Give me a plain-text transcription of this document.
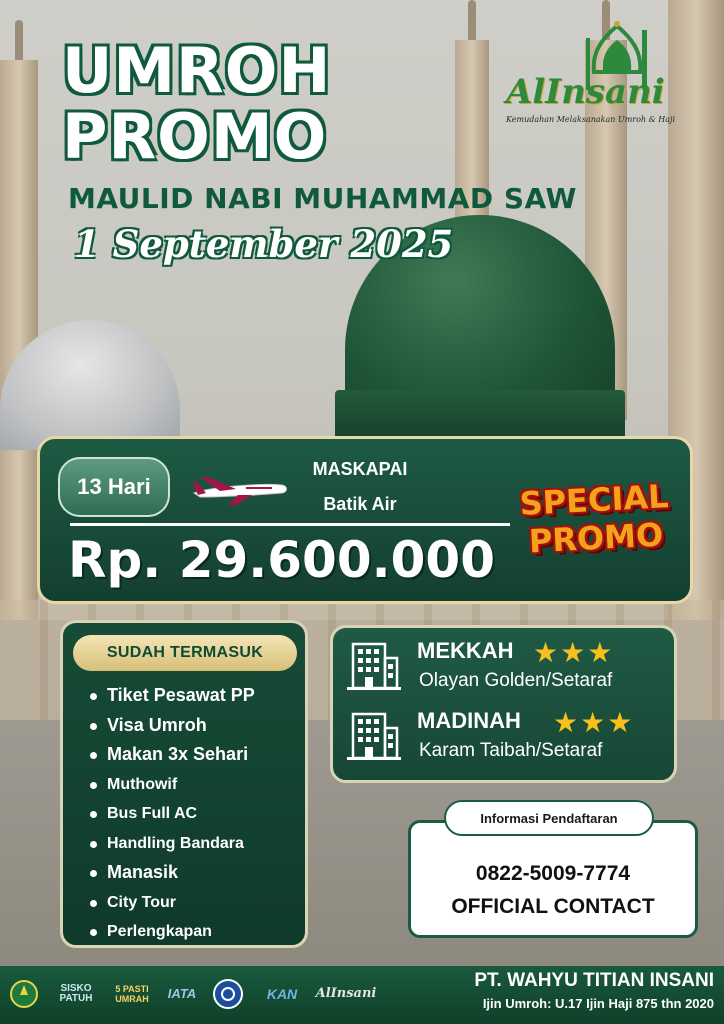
UMROH
PROMO
MAULID NABI MUHAMMAD SAW
1 September 2025
AlInsani
Kemudahan Melaksanakan Umroh & Haji
13 Hari
MASKAPAI
Batik Air
Rp. 29.600.000
SPECIAL
PROMO
SUDAH TERMASUK
Tiket Pesawat PP
Visa Umroh
Makan 3x Sehari
Muthowif
Bus Full AC
Handling Bandara
Manasik
City Tour
Perlengkapan
MEKKAH ★★★
Olayan Golden/Setaraf
MADINAH	★★★
Karam Taibah/Setaraf
Informasi Pendaftaran
0822-5009-7774
OFFICIAL CONTACT
SISKO
PATUH
5 PASTI
UMRAH	IATA	KAN	AlInsani
PT. WAHYU TITIAN INSANI
Ijin Umroh: U.17 Ijin Haji 875 thn 2020
